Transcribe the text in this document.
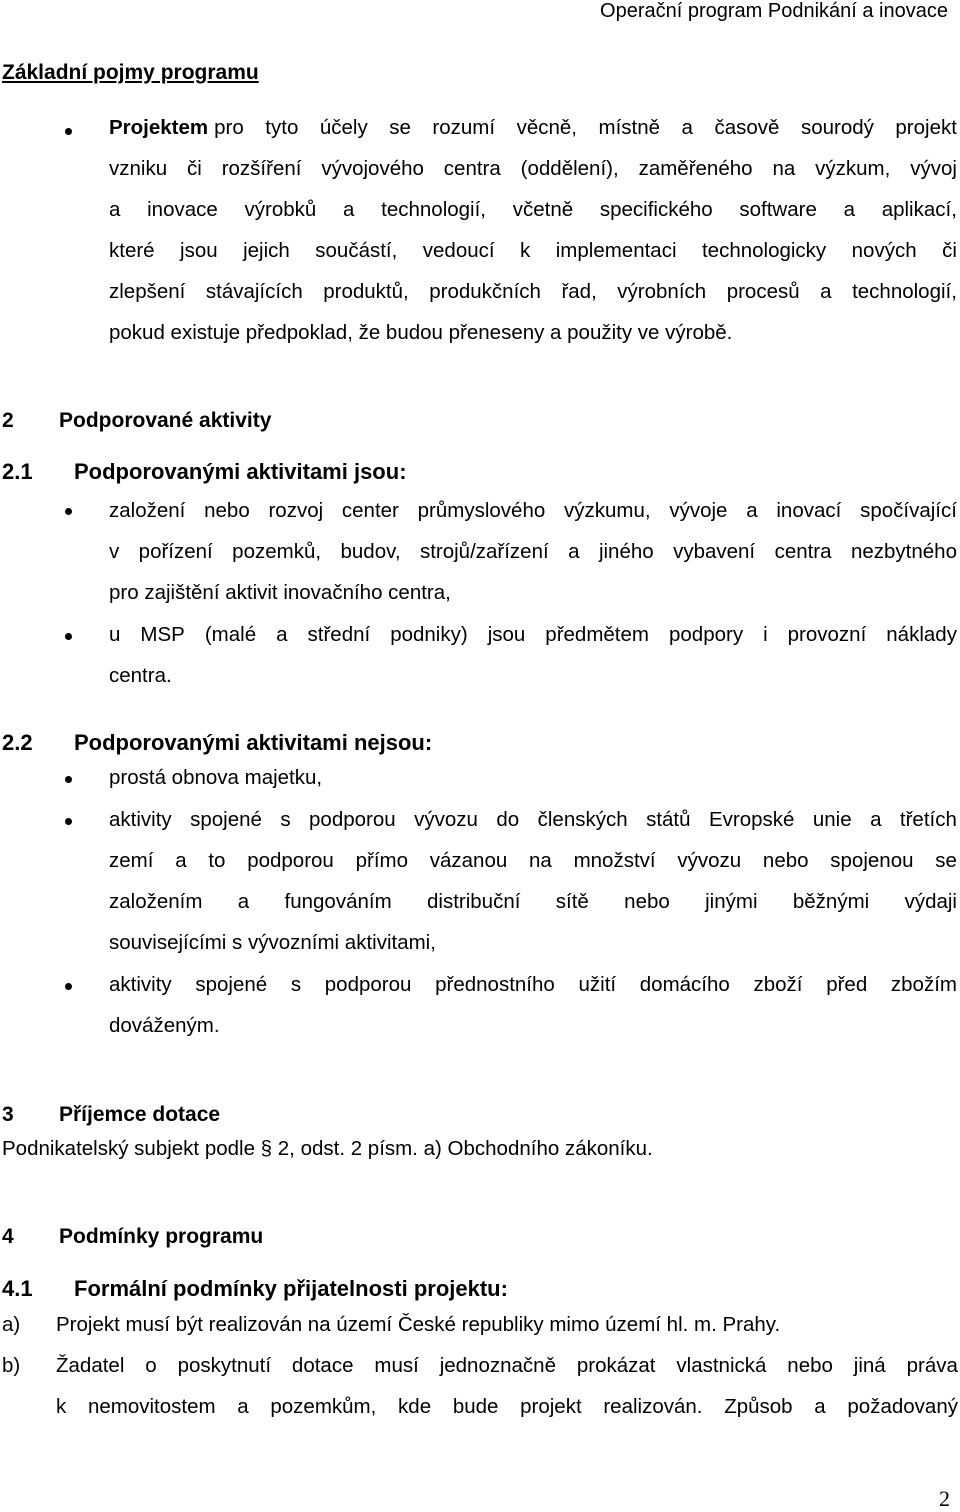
Operační program Podnikání a inovace
Základní pojmy programu
Projektem pro tyto účely se rozumí věcně, místně a časově sourodý projekt
vzniku či rozšíření vývojového centra (oddělení), zaměřeného na výzkum, vývoj
a inovace výrobků a technologií, včetně specifického software a aplikací,
které jsou jejich součástí, vedoucí k implementaci technologicky nových či
zlepšení stávajících produktů, produkčních řad, výrobních procesů a technologií,
pokud existuje předpoklad, že budou přeneseny a použity ve výrobě.
2 Podporované aktivity
2.1 Podporovanými aktivitami jsou:
založení nebo rozvoj center průmyslového výzkumu, vývoje a inovací spočívající
v pořízení pozemků, budov, strojů/zařízení a jiného vybavení centra nezbytného
pro zajištění aktivit inovačního centra,
u MSP (malé a střední podniky) jsou předmětem podpory i provozní náklady
centra.
2.2 Podporovanými aktivitami nejsou:
prostá obnova majetku,
aktivity spojené s podporou vývozu do členských států Evropské unie a třetích
zemí a to podporou přímo vázanou na množství vývozu nebo spojenou se
založením a fungováním distribuční sítě nebo jinými běžnými výdaji
souvisejícími s vývozními aktivitami,
aktivity spojené s podporou přednostního užití domácího zboží před zbožím
dováženým.
3 Příjemce dotace
Podnikatelský subjekt podle § 2, odst. 2 písm. a) Obchodního zákoníku.
4 Podmínky programu
4.1 Formální podmínky přijatelnosti projektu:
a) Projekt musí být realizován na území České republiky mimo území hl. m. Prahy.
b) Žadatel o poskytnutí dotace musí jednoznačně prokázat vlastnická nebo jiná práva
k nemovitostem a pozemkům, kde bude projekt realizován. Způsob a požadovaný
2
